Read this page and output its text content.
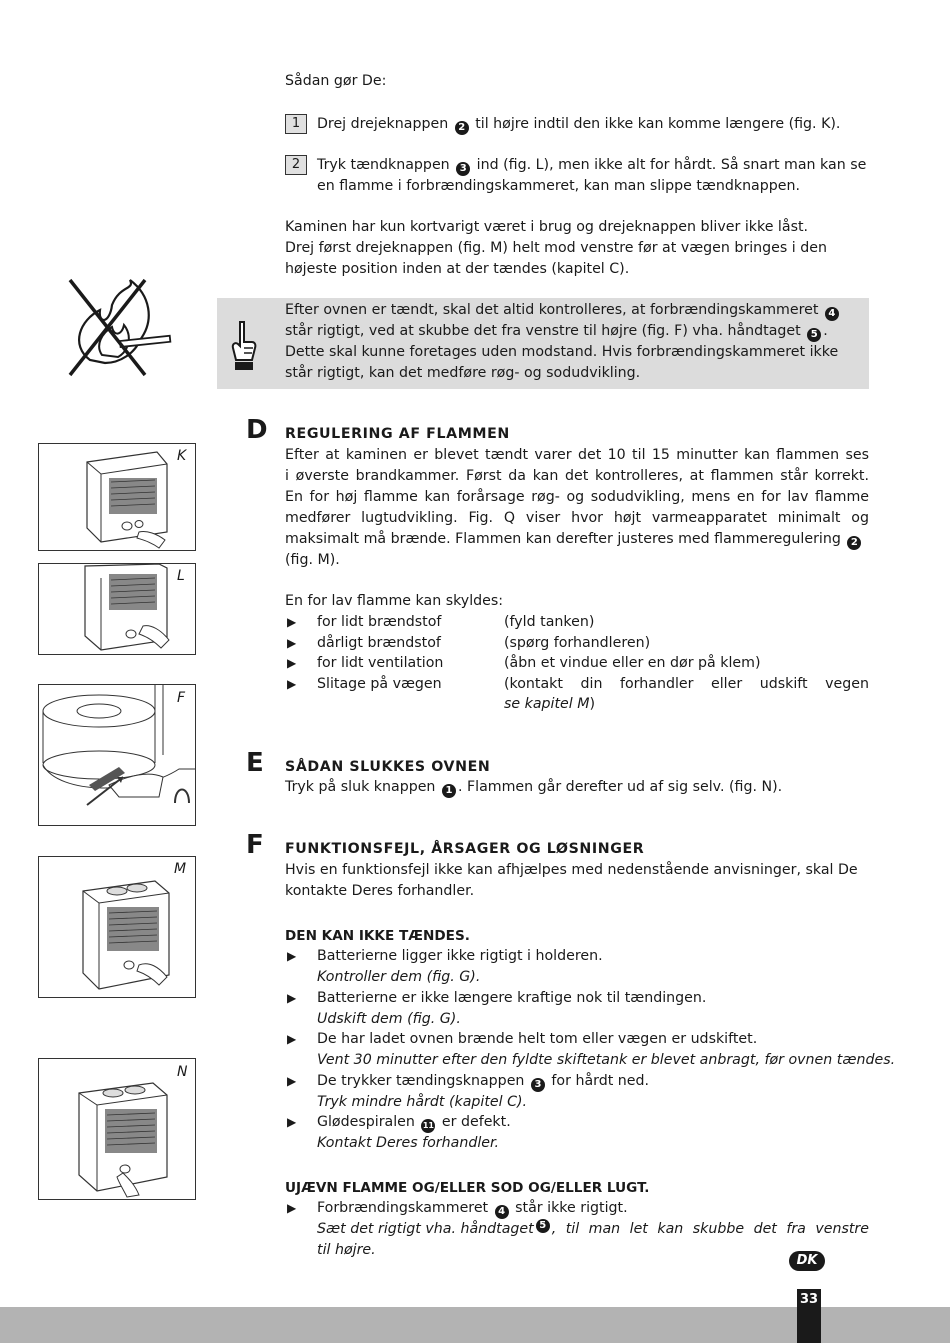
Sådan gør De:
1	Drej drejeknappen 2 til højre indtil den ikke kan komme længere (fig. K).
2	Tryk tændknappen 3 ind (fig. L), men ikke alt for hårdt. Så snart man kan se
en flamme i forbrændingskammeret, kan man slippe tændknappen.
Kaminen har kun kortvarigt været i brug og drejeknappen bliver ikke låst.
Drej først drejeknappen (fig. M) helt mod venstre før at vægen bringes i den
højeste position inden at der tændes (kapitel C).
Efter ovnen er tændt, skal det altid kontrolleres, at forbrændingskammeret 4
står rigtigt, ved at skubbe det fra venstre til højre (fig. F) vha. håndtaget 5 .
Dette skal kunne foretages uden modstand. Hvis forbrændingskammeret ikke
står rigtigt, kan det medføre røg- og sodudvikling.
D REGULERING AF FLAMMEN
Efter at kaminen er blevet tændt varer det 10 til 15 minutter kan flammen ses
i øverste brandkammer. Først da kan det kontrolleres, at flammen står korrekt.
En for høj flamme kan forårsage røg- og sodudvikling, mens en for lav flamme
medfører lugtudvikling. Fig. Q viser hvor højt varmeapparatet minimalt og
maksimalt må brænde. Flammen kan derefter justeres med flammeregulering 2
(fig. M).
En for lav flamme kan skyldes:
▶ for lidt brændstof	(fyld tanken)
▶ dårligt brændstof	(spørg forhandleren)
▶ for lidt ventilation	(åbn et vindue eller en dør på klem)
▶ Slitage på vægen	(kontakt din forhandler eller udskift vegen
se kapitel M)
E SÅDAN SLUKKES OVNEN
Tryk på sluk knappen 1 . Flammen går derefter ud af sig selv. (fig. N).
F FUNKTIONSFEJL, ÅRSAGER OG LØSNINGER
Hvis en funktionsfejl ikke kan afhjælpes med nedenstående anvisninger, skal De
kontakte Deres forhandler.
DEN KAN IKKE TÆNDES.
▶ Batterierne ligger ikke rigtigt i holderen.
Kontroller dem (fig. G).
▶ Batterierne er ikke længere kraftige nok til tændingen.
Udskift dem (fig. G).
▶ De har ladet ovnen brænde helt tom eller vægen er udskiftet.
Vent 30 minutter efter den fyldte skiftetank er blevet anbragt, før ovnen tændes.
▶ De trykker tændingsknappen 3 for hårdt ned.
Tryk mindre hårdt (kapitel C).
▶ Glødespiralen 11 er defekt.
Kontakt Deres forhandler.
UJÆVN FLAMME OG/ELLER SOD OG/ELLER LUGT.
▶ Forbrændingskammeret 4 står ikke rigtigt.
Sæt det rigtigt vha. håndtaget 5 , til man let kan skubbe det fra venstre
til højre.
K
L
F
M
N
33
DK
